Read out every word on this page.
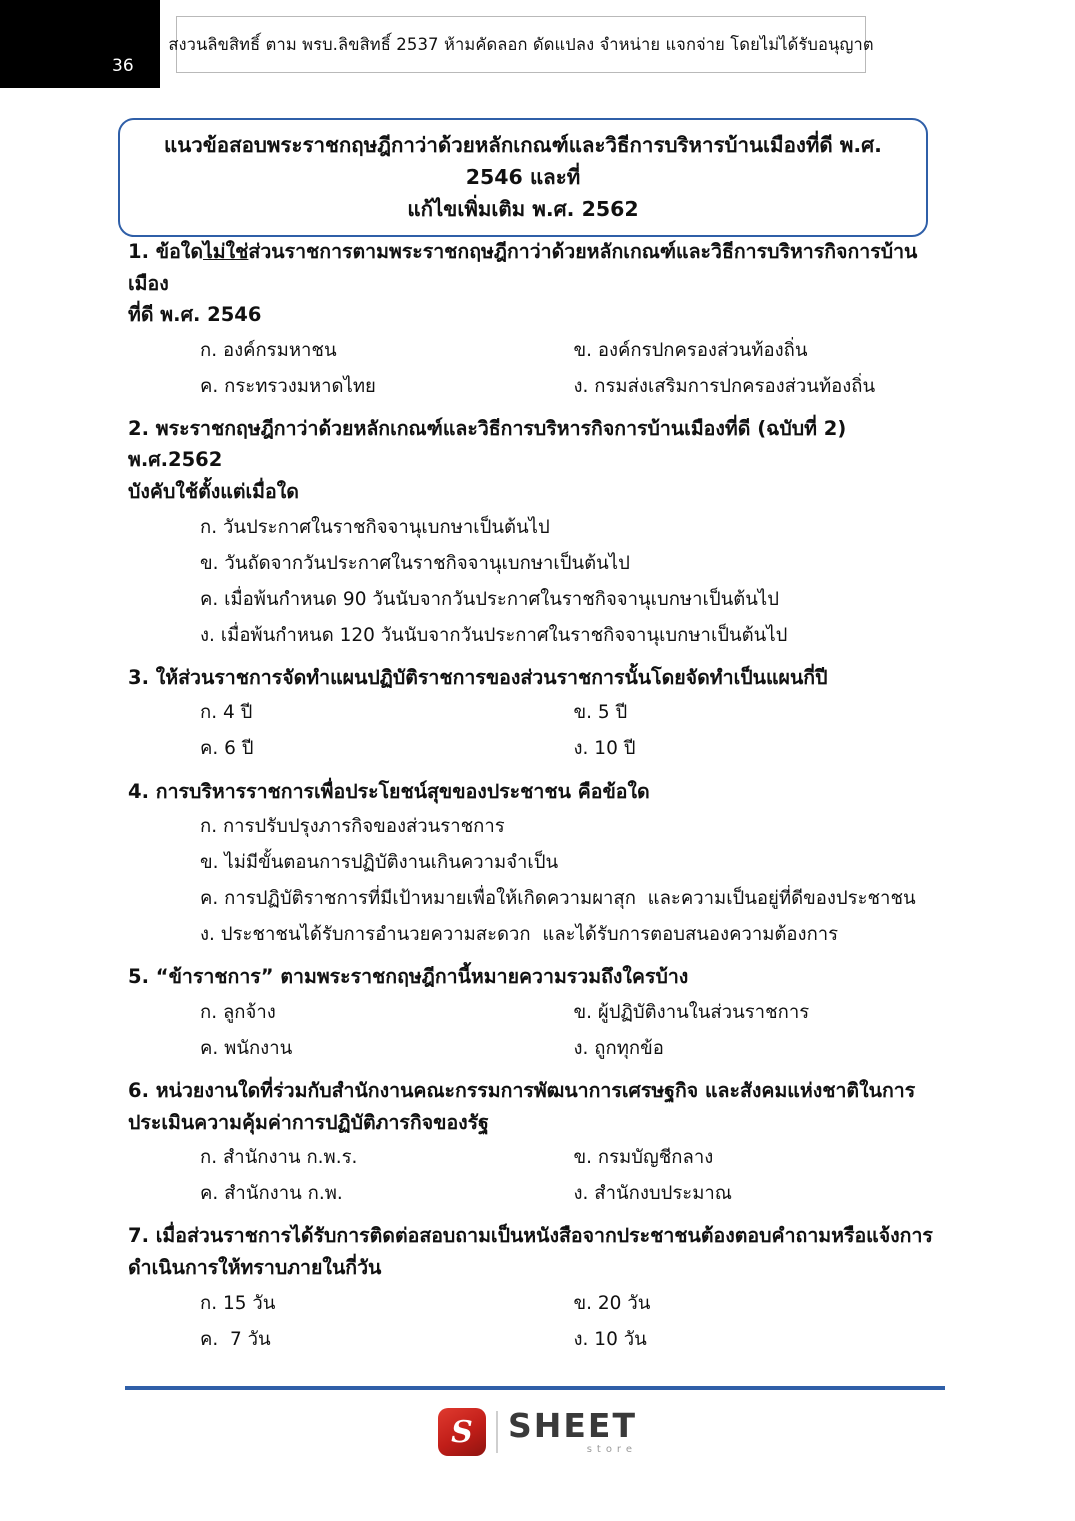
36
สงวนลิขสิทธิ์ ตาม พรบ.ลิขสิทธิ์ 2537 ห้ามคัดลอก ดัดแปลง จำหน่าย แจกจ่าย โดยไม่ได้รับอนุญาต
แนวข้อสอบพระราชกฤษฎีกาว่าด้วยหลักเกณฑ์และวิธีการบริหารบ้านเมืองที่ดี พ.ศ. 2546 และที่
แก้ไขเพิ่มเติม พ.ศ. 2562
1. ข้อใดไม่ใช่ส่วนราชการตามพระราชกฤษฎีกาว่าด้วยหลักเกณฑ์และวิธีการบริหารกิจการบ้านเมือง
ที่ดี พ.ศ. 2546
ก. องค์กรมหาชน	ข. องค์กรปกครองส่วนท้องถิ่น
ค. กระทรวงมหาดไทย	ง. กรมส่งเสริมการปกครองส่วนท้องถิ่น
2. พระราชกฤษฎีกาว่าด้วยหลักเกณฑ์และวิธีการบริหารกิจการบ้านเมืองที่ดี (ฉบับที่ 2) พ.ศ.2562
บังคับใช้ตั้งแต่เมื่อใด
ก. วันประกาศในราชกิจจานุเบกษาเป็นต้นไป
ข. วันถัดจากวันประกาศในราชกิจจานุเบกษาเป็นต้นไป
ค. เมื่อพ้นกำหนด 90 วันนับจากวันประกาศในราชกิจจานุเบกษาเป็นต้นไป
ง. เมื่อพ้นกำหนด 120 วันนับจากวันประกาศในราชกิจจานุเบกษาเป็นต้นไป
3. ให้ส่วนราชการจัดทำแผนปฏิบัติราชการของส่วนราชการนั้นโดยจัดทำเป็นแผนกี่ปี
ก. 4 ปี	ข. 5 ปี
ค. 6 ปี	ง. 10 ปี
4. การบริหารราชการเพื่อประโยชน์สุขของประชาชน คือข้อใด
ก. การปรับปรุงภารกิจของส่วนราชการ
ข. ไม่มีขั้นตอนการปฏิบัติงานเกินความจำเป็น
ค. การปฏิบัติราชการที่มีเป้าหมายเพื่อให้เกิดความผาสุก  และความเป็นอยู่ที่ดีของประชาชน
ง. ประชาชนได้รับการอำนวยความสะดวก  และได้รับการตอบสนองความต้องการ
5. “ข้าราชการ” ตามพระราชกฤษฎีกานี้หมายความรวมถึงใครบ้าง
ก. ลูกจ้าง	ข. ผู้ปฏิบัติงานในส่วนราชการ
ค. พนักงาน	ง. ถูกทุกข้อ
6. หน่วยงานใดที่ร่วมกับสำนักงานคณะกรรมการพัฒนาการเศรษฐกิจ และสังคมแห่งชาติในการ
ประเมินความคุ้มค่าการปฏิบัติภารกิจของรัฐ
ก. สำนักงาน ก.พ.ร.	ข. กรมบัญชีกลาง
ค. สำนักงาน ก.พ.	ง. สำนักงบประมาณ
7. เมื่อส่วนราชการได้รับการติดต่อสอบถามเป็นหนังสือจากประชาชนต้องตอบคำถามหรือแจ้งการ
ดำเนินการให้ทราบภายในกี่วัน
ก. 15 วัน	ข. 20 วัน
ค.  7 วัน	ง. 10 วัน
S	SHEET
store
